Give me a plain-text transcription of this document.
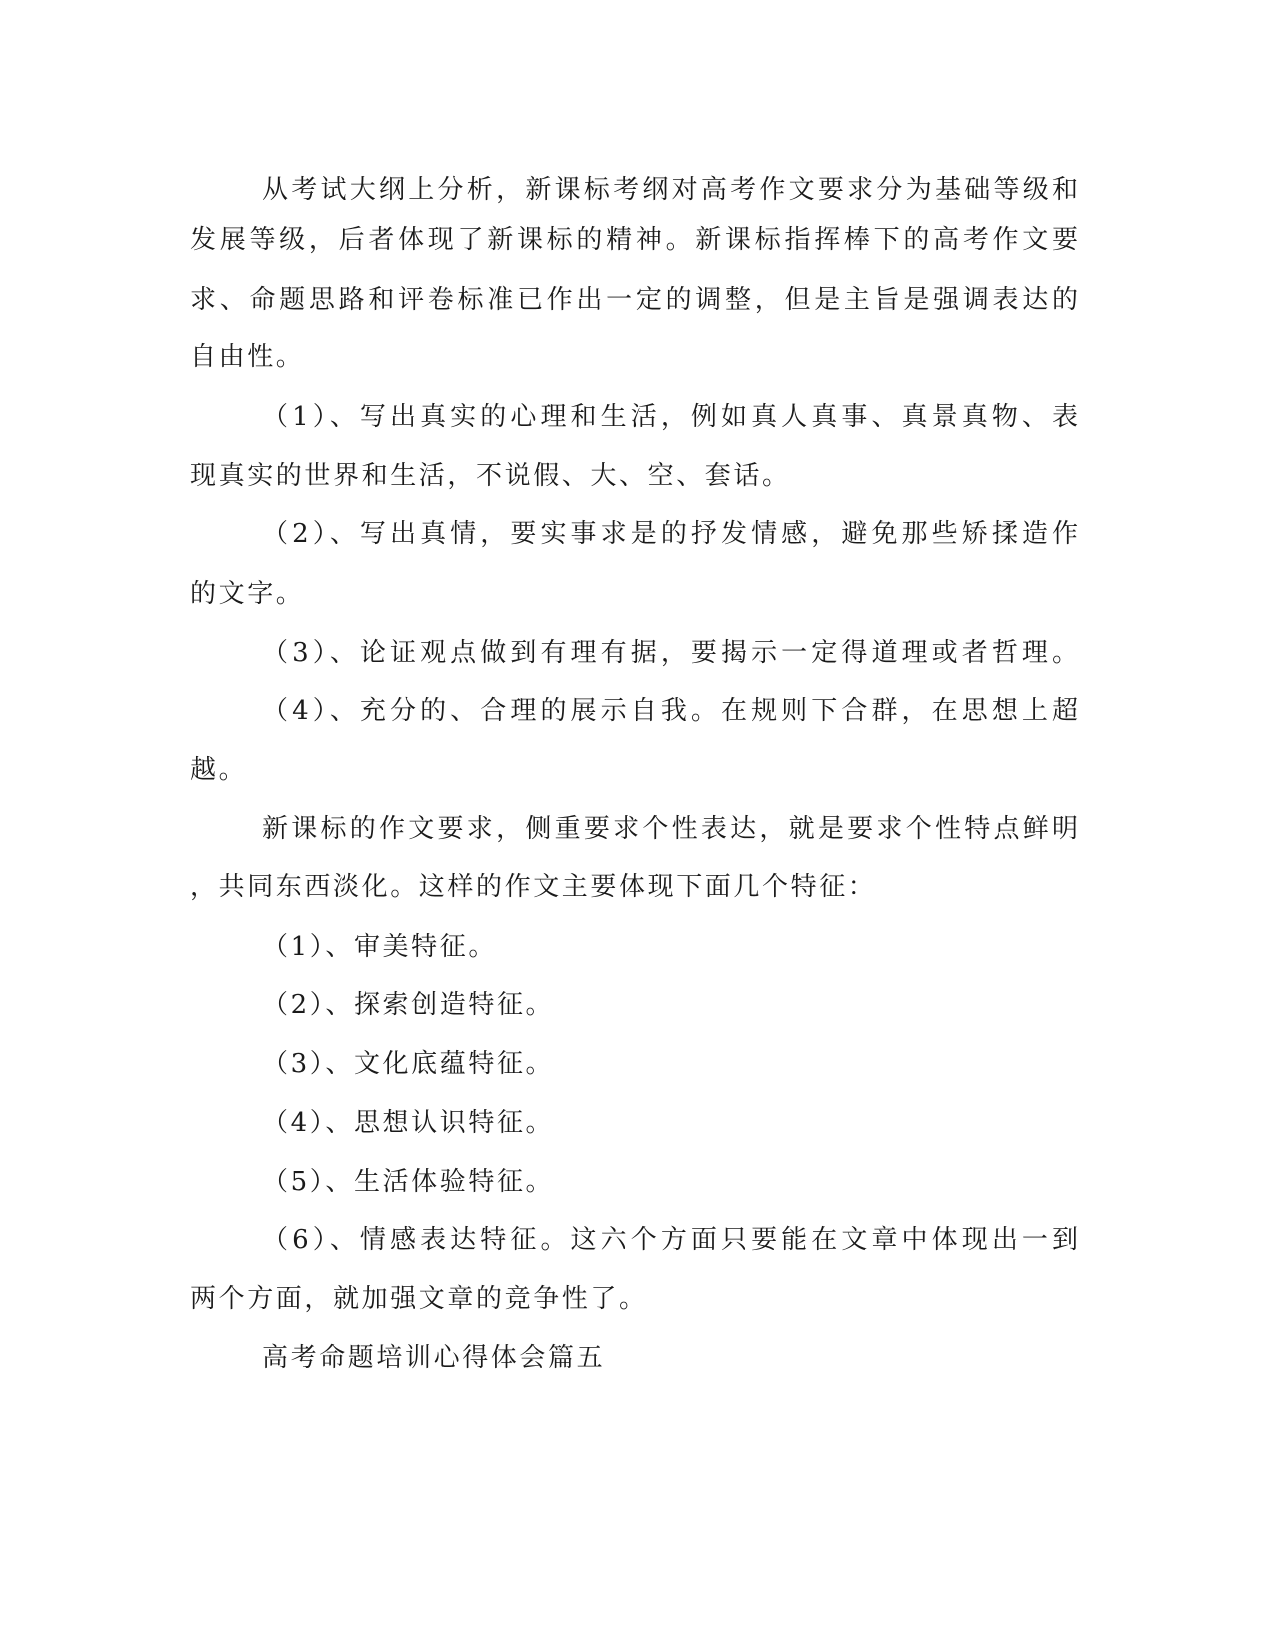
从考试大纲上分析，新课标考纲对高考作文要求分为基础等级和
发展等级，后者体现了新课标的精神。新课标指挥棒下的高考作文要
求、命题思路和评卷标准已作出一定的调整，但是主旨是强调表达的
自由性。
（1）、写出真实的心理和生活，例如真人真事、真景真物、表
现真实的世界和生活，不说假、大、空、套话。
（2）、写出真情，要实事求是的抒发情感，避免那些矫揉造作
的文字。
（3）、论证观点做到有理有据，要揭示一定得道理或者哲理。
（4）、充分的、合理的展示自我。在规则下合群，在思想上超
越。
新课标的作文要求，侧重要求个性表达，就是要求个性特点鲜明
，共同东西淡化。这样的作文主要体现下面几个特征：
（1）、审美特征。
（2）、探索创造特征。
（3）、文化底蕴特征。
（4）、思想认识特征。
（5）、生活体验特征。
（6）、情感表达特征。这六个方面只要能在文章中体现出一到
两个方面，就加强文章的竞争性了。
高考命题培训心得体会篇五
